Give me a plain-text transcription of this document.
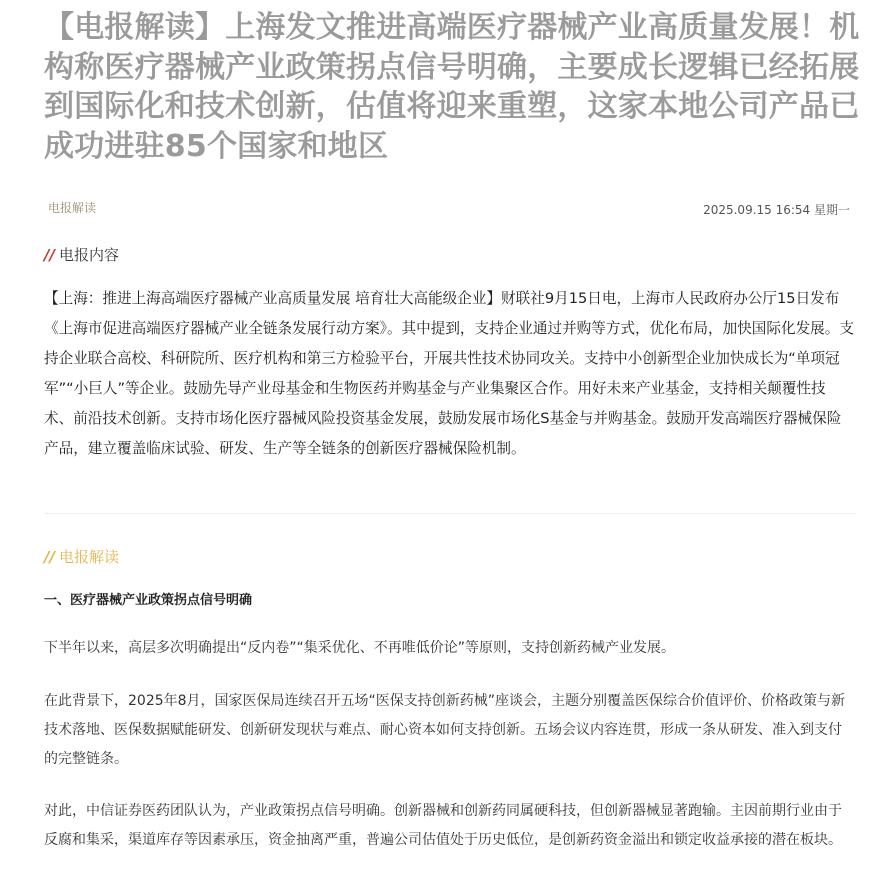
【电报解读】上海发文推进高端医疗器械产业高质量发展！机构称医疗器械产业政策拐点信号明确，主要成长逻辑已经拓展到国际化和技术创新，估值将迎来重塑，这家本地公司产品已成功进驻85个国家和地区
电报解读	2025.09.15 16:54 星期一
// 电报内容
【上海：推进上海高端医疗器械产业高质量发展 培育壮大高能级企业】财联社9月15日电，上海市人民政府办公厅15日发布《上海市促进高端医疗器械产业全链条发展行动方案》。其中提到，支持企业通过并购等方式，优化布局，加快国际化发展。支持企业联合高校、科研院所、医疗机构和第三方检验平台，开展共性技术协同攻关。支持中小创新型企业加快成长为“单项冠军”“小巨人”等企业。鼓励先导产业母基金和生物医药并购基金与产业集聚区合作。用好未来产业基金，支持相关颠覆性技术、前沿技术创新。支持市场化医疗器械风险投资基金发展，鼓励发展市场化S基金与并购基金。鼓励开发高端医疗器械保险产品，建立覆盖临床试验、研发、生产等全链条的创新医疗器械保险机制。
// 电报解读
一、医疗器械产业政策拐点信号明确
下半年以来，高层多次明确提出“反内卷”“集采优化、不再唯低价论”等原则，支持创新药械产业发展。
在此背景下，2025年8月，国家医保局连续召开五场“医保支持创新药械”座谈会，主题分别覆盖医保综合价值评价、价格政策与新技术落地、医保数据赋能研发、创新研发现状与难点、耐心资本如何支持创新。五场会议内容连贯，形成一条从研发、准入到支付的完整链条。
对此，中信证券医药团队认为，产业政策拐点信号明确。创新器械和创新药同属硬科技，但创新器械显著跑输。主因前期行业由于反腐和集采，渠道库存等因素承压，资金抽离严重，普遍公司估值处于历史低位，是创新药资金溢出和锁定收益承接的潜在板块。
